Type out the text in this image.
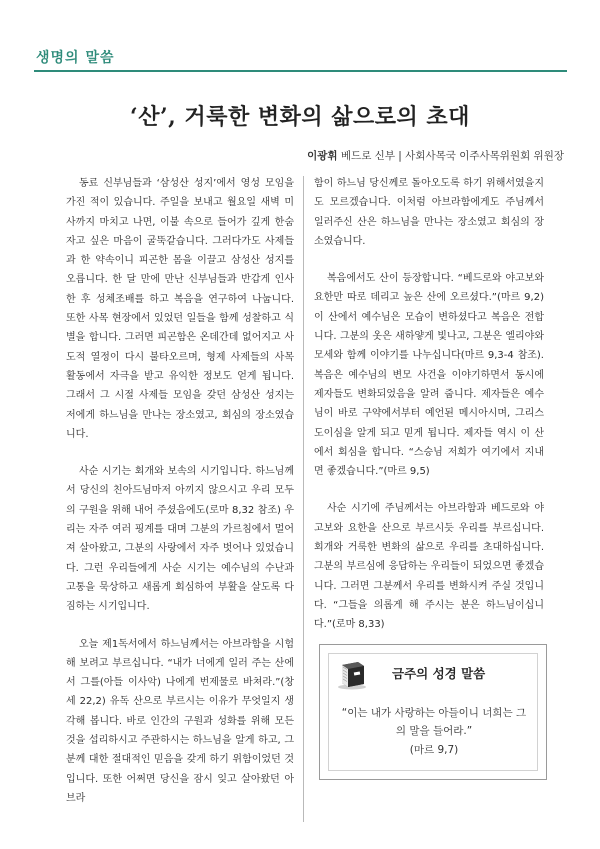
생명의 말씀
‘산’, 거룩한 변화의 삶으로의 초대
이광휘 베드로 신부 | 사회사목국 이주사목위원회 위원장

동료 신부님들과 ‘삼성산 성지’에서 영성 모임을 가진 적이 있습니다. 주일을 보내고 월요일 새벽 미사까지 마치고 나면, 이불 속으로 들어가 깊게 한숨 자고 싶은 마음이 굴뚝같습니다. 그러다가도 사제들과 한 약속이니 피곤한 몸을 이끌고 삼성산 성지를 오릅니다. 한 달 만에 만난 신부님들과 반갑게 인사한 후 성체조배를 하고 복음을 연구하여 나눕니다. 또한 사목 현장에서 있었던 일들을 함께 성찰하고 식별을 합니다. 그러면 피곤함은 온데간데 없어지고 사도적 열정이 다시 불타오르며, 형제 사제들의 사목 활동에서 자극을 받고 유익한 정보도 얻게 됩니다. 그래서 그 시절 사제들 모임을 갖던 삼성산 성지는 저에게 하느님을 만나는 장소였고, 회심의 장소였습니다.

사순 시기는 회개와 보속의 시기입니다. 하느님께서 당신의 친아드님마저 아끼지 않으시고 우리 모두의 구원을 위해 내어 주셨음에도(로마 8,32 참조) 우리는 자주 여러 핑계를 대며 그분의 가르침에서 멀어져 살아왔고, 그분의 사랑에서 자주 벗어나 있었습니다. 그런 우리들에게 사순 시기는 예수님의 수난과 고통을 묵상하고 새롭게 회심하여 부활을 살도록 다짐하는 시기입니다.

오늘 제1독서에서 하느님께서는 아브라함을 시험해 보려고 부르십니다. “내가 너에게 일러 주는 산에서 그를(아들 이사악) 나에게 번제물로 바쳐라.”(창세 22,2) 유독 산으로 부르시는 이유가 무엇일지 생각해 봅니다. 바로 인간의 구원과 성화를 위해 모든 것을 섭리하시고 주관하시는 하느님을 알게 하고, 그분께 대한 절대적인 믿음을 갖게 하기 위함이었던 것입니다. 또한 어쩌면 당신을 잠시 잊고 살아왔던 아브라

함이 하느님 당신께로 돌아오도록 하기 위해서였을지도 모르겠습니다. 이처럼 아브라함에게도 주님께서 일러주신 산은 하느님을 만나는 장소였고 회심의 장소였습니다.

복음에서도 산이 등장합니다. “베드로와 야고보와 요한만 따로 데리고 높은 산에 오르셨다.”(마르 9,2) 이 산에서 예수님은 모습이 변하셨다고 복음은 전합니다. 그분의 옷은 새하얗게 빛나고, 그분은 엘리야와 모세와 함께 이야기를 나누십니다(마르 9,3-4 참조). 복음은 예수님의 변모 사건을 이야기하면서 동시에 제자들도 변화되었음을 알려 줍니다. 제자들은 예수님이 바로 구약에서부터 예언된 메시아시며, 그리스도이심을 알게 되고 믿게 됩니다. 제자들 역시 이 산에서 회심을 합니다. “스승님 저희가 여기에서 지내면 좋겠습니다.”(마르 9,5)

사순 시기에 주님께서는 아브라함과 베드로와 야고보와 요한을 산으로 부르시듯 우리를 부르십니다. 회개와 거룩한 변화의 삶으로 우리를 초대하십니다. 그분의 부르심에 응답하는 우리들이 되었으면 좋겠습니다. 그러면 그분께서 우리를 변화시켜 주실 것입니다. “그들을 의롭게 해 주시는 분은 하느님이십니다.”(로마 8,33)

금주의 성경 말씀
“이는 내가 사랑하는 아들이니 너희는 그의 말을 들어라.”
(마르 9,7)
